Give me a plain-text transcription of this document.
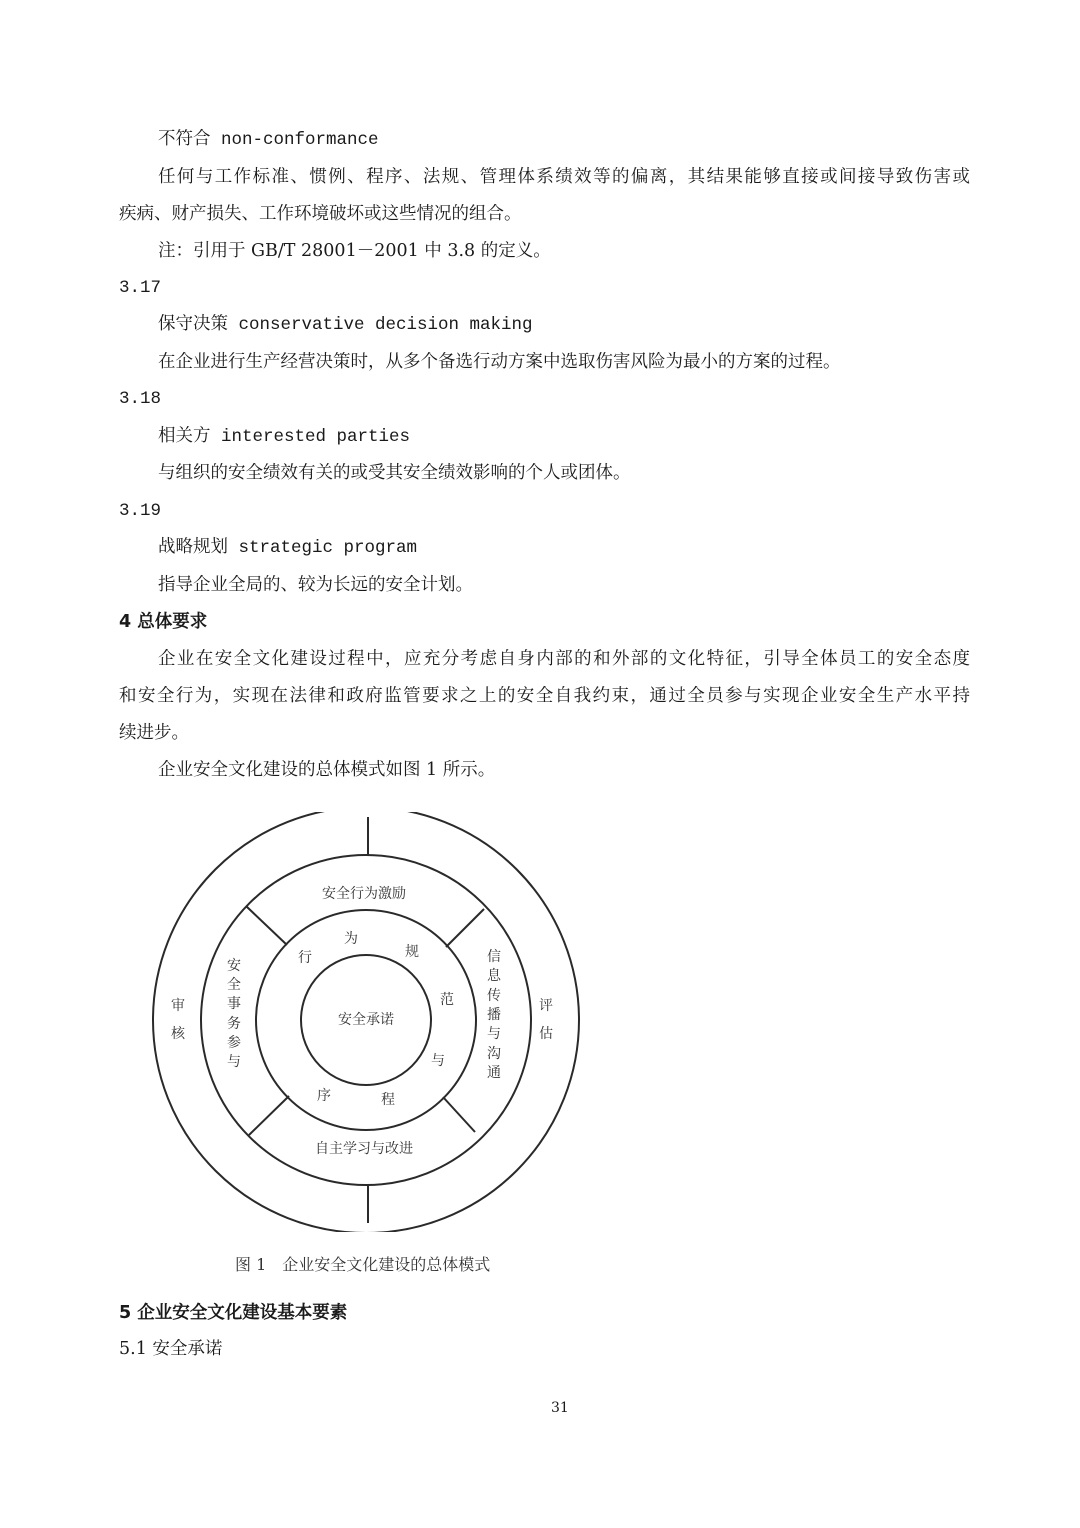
不符合 non-conformance
任何与工作标准、惯例、程序、法规、管理体系绩效等的偏离，其结果能够直接或间接导致伤害或
疾病、财产损失、工作环境破坏或这些情况的组合。
注：引用于 GB/T 28001－2001 中 3.8 的定义。
3.17
保守决策 conservative decision making
在企业进行生产经营决策时，从多个备选行动方案中选取伤害风险为最小的方案的过程。
3.18
相关方 interested parties
与组织的安全绩效有关的或受其安全绩效影响的个人或团体。
3.19
战略规划 strategic program
指导企业全局的、较为长远的安全计划。
4 总体要求
企业在安全文化建设过程中，应充分考虑自身内部的和外部的文化特征，引导全体员工的安全态度
和安全行为，实现在法律和政府监管要求之上的安全自我约束，通过全员参与实现企业安全生产水平持
续进步。
企业安全文化建设的总体模式如图 1 所示。
安全承诺
安全行为激励
自主学习与改进
安
全
事
务
参
与
信
息
传
播
与
沟
通
行
为
规
范
与
序	程
审
核
评
估
图 1　企业安全文化建设的总体模式
5 企业安全文化建设基本要素
5.1 安全承诺
31
